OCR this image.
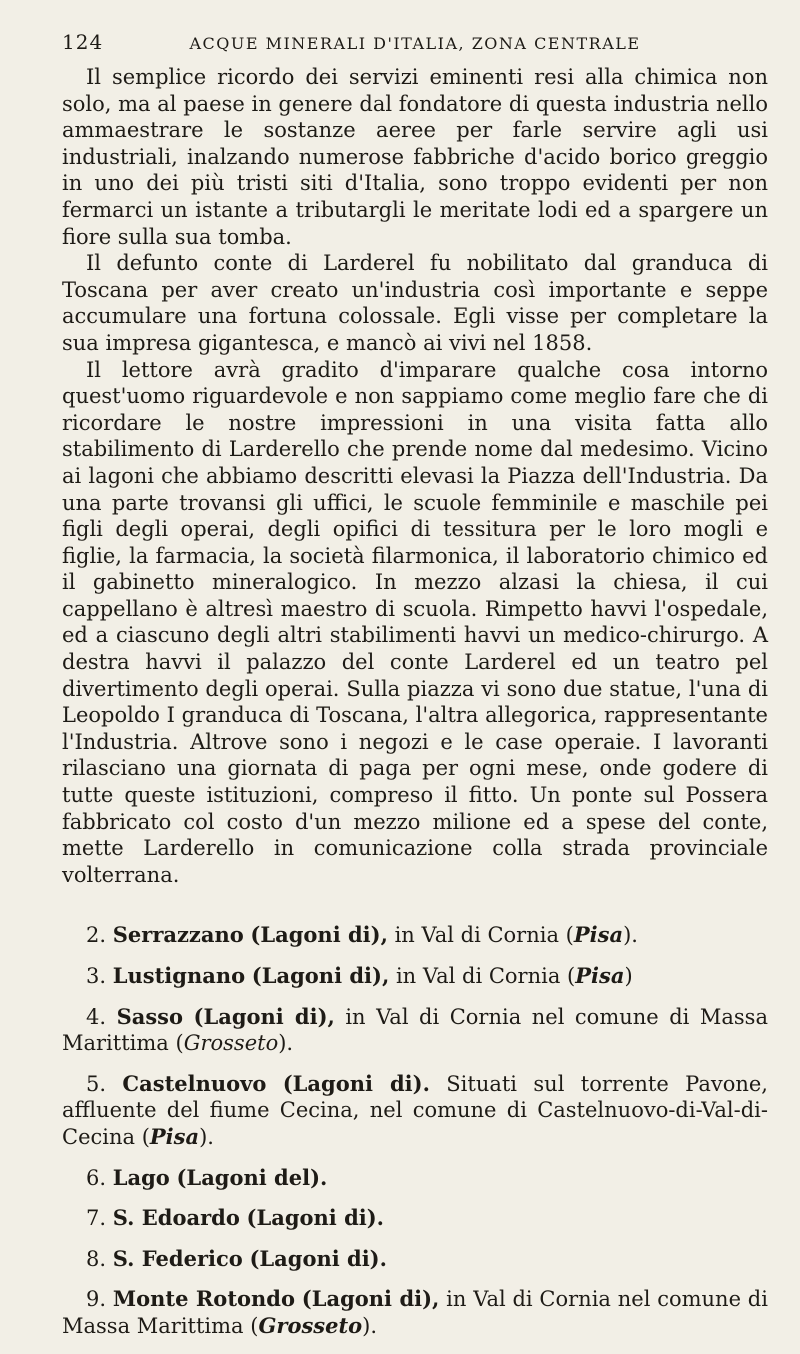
124	ACQUE MINERALI D'ITALIA, ZONA CENTRALE

Il semplice ricordo dei servizi eminenti resi alla chimica non solo, ma al paese in genere dal fondatore di questa industria nello ammaestrare le sostanze aeree per farle servire agli usi industriali, inalzando numerose fabbriche d'acido borico greggio in uno dei più tristi siti d'Italia, sono troppo evidenti per non fermarci un istante a tributargli le meritate lodi ed a spargere un fiore sulla sua tomba.

Il defunto conte di Larderel fu nobilitato dal granduca di Toscana per aver creato un'industria così importante e seppe accumulare una fortuna colossale. Egli visse per completare la sua impresa gigantesca, e mancò ai vivi nel 1858.

Il lettore avrà gradito d'imparare qualche cosa intorno quest'uomo riguardevole e non sappiamo come meglio fare che di ricordare le nostre impressioni in una visita fatta allo stabilimento di Larderello che prende nome dal medesimo. Vicino ai lagoni che abbiamo descritti elevasi la Piazza dell'Industria. Da una parte trovansi gli uffici, le scuole femminile e maschile pei figli degli operai, degli opifici di tessitura per le loro mogli e figlie, la farmacia, la società filarmonica, il laboratorio chimico ed il gabinetto mineralogico. In mezzo alzasi la chiesa, il cui cappellano è altresì maestro di scuola. Rimpetto havvi l'ospedale, ed a ciascuno degli altri stabilimenti havvi un medico-chirurgo. A destra havvi il palazzo del conte Larderel ed un teatro pel divertimento degli operai. Sulla piazza vi sono due statue, l'una di Leopoldo I granduca di Toscana, l'altra allegorica, rappresentante l'Industria. Altrove sono i negozi e le case operaie. I lavoranti rilasciano una giornata di paga per ogni mese, onde godere di tutte queste istituzioni, compreso il fitto. Un ponte sul Possera fabbricato col costo d'un mezzo milione ed a spese del conte, mette Larderello in comunicazione colla strada provinciale volterrana.

2. Serrazzano (Lagoni di), in Val di Cornia (Pisa).
3. Lustignano (Lagoni di), in Val di Cornia (Pisa)
4. Sasso (Lagoni di), in Val di Cornia nel comune di Massa Marittima (Grosseto).
5. Castelnuovo (Lagoni di). Situati sul torrente Pavone, affluente del fiume Cecina, nel comune di Castelnuovo-di-Val-di-Cecina (Pisa).
6. Lago (Lagoni del).
7. S. Edoardo (Lagoni di).
8. S. Federico (Lagoni di).
9. Monte Rotondo (Lagoni di), in Val di Cornia nel comune di Massa Marittima (Grosseto).
